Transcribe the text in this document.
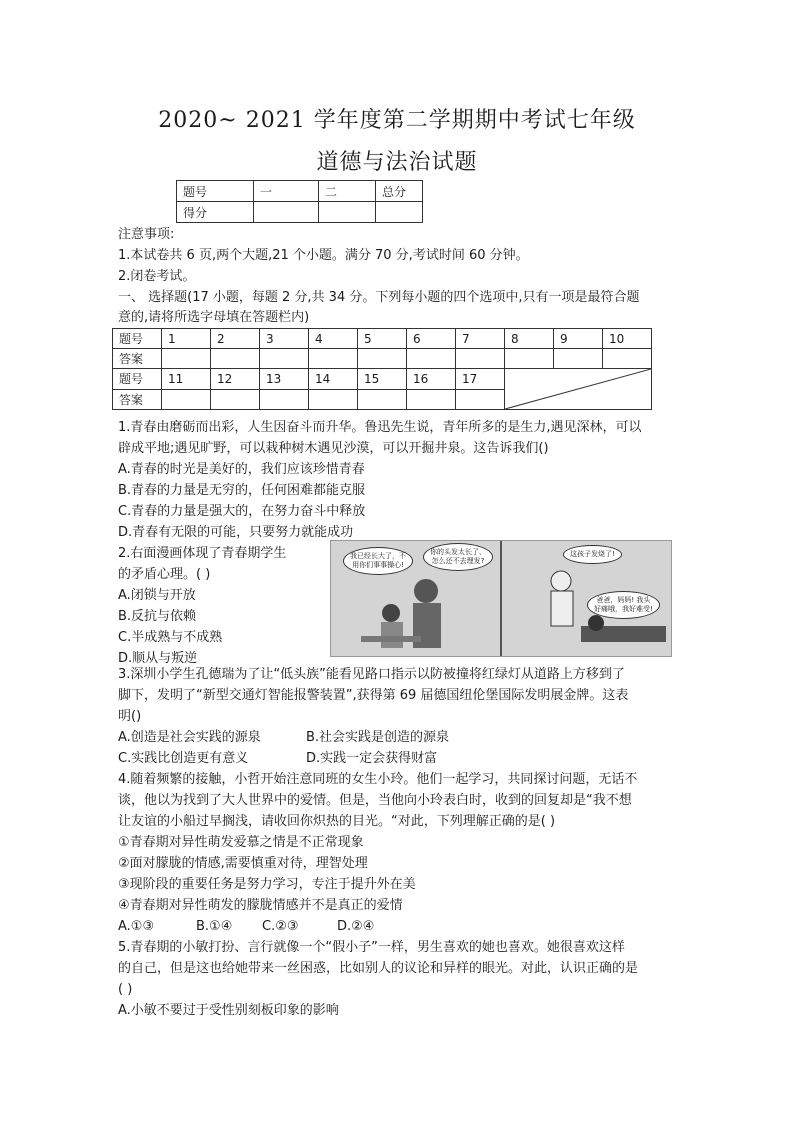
2020~ 2021 学年度第二学期期中考试七年级
道德与法治试题
题号	一	二	总分
得分			
注意事项:
1.本试卷共 6 页,两个大题,21 个小题。满分 70 分,考试时间 60 分钟。
2.闭卷考试。
一、 选择题(17 小题，每题 2 分,共 34 分。下列每小题的四个选项中,只有一项是最符合题
意的,请将所选字母填在答题栏内)
题号	1	2	3	4	5	6	7	8	9	10
答案										
题号	11	12	13	14	15	16	17	

答案										
1.青春由磨砺而出彩，人生因奋斗而升华。鲁迅先生说，青年所多的是生力,遇见深林，可以
辟成平地;遇见旷野，可以栽种树木遇见沙漠，可以开掘井泉。这告诉我们()
A.青春的时光是美好的，我们应该珍惜青春
B.青春的力量是无穷的，任何困难都能克服
C.青春的力量是强大的，在努力奋斗中释放
D.青春有无限的可能，只要努力就能成功
2.右面漫画体现了青春期学生
的矛盾心理。( )
A.闭锁与开放
B.反抗与依赖
C.半成熟与不成熟
D.顺从与叛逆
我已经长大了，不
用你们事事操心!
你的头发太长了，
怎么还不去理发?
这孩子发烧了!
爸爸，妈妈! 我头
好痛哦，我好难受!
3.深圳小学生孔德瑞为了让“低头族”能看见路口指示以防被撞将红绿灯从道路上方移到了
脚下，发明了“新型交通灯智能报警装置”,获得第 69 届德国纽伦堡国际发明展金牌。这表
明()
A.创造是社会实践的源泉	B.社会实践是创造的源泉
C.实践比创造更有意义	D.实践一定会获得财富
4.随着频繁的接触，小哲开始注意同班的女生小玲。他们一起学习，共同探讨问题，无话不
谈，他以为找到了大人世界中的爱情。但是，当他向小玲表白时，收到的回复却是“我不想
让友谊的小船过早搁浅，请收回你炽热的目光。“对此，下列理解正确的是( )
①青春期对异性萌发爱慕之情是不正常现象
②面对朦胧的情感,需要慎重对待，理智处理
③现阶段的重要任务是努力学习，专注于提升外在美
④青春期对异性萌发的朦胧情感并不是真正的爱情
A.①③	B.①④ C.②③	D.②④
5.青春期的小敏打扮、言行就像一个“假小子”一样，男生喜欢的她也喜欢。她很喜欢这样
的自己，但是这也给她带来一丝困惑，比如别人的议论和异样的眼光。对此，认识正确的是
( )
A.小敏不要过于受性别刻板印象的影响
